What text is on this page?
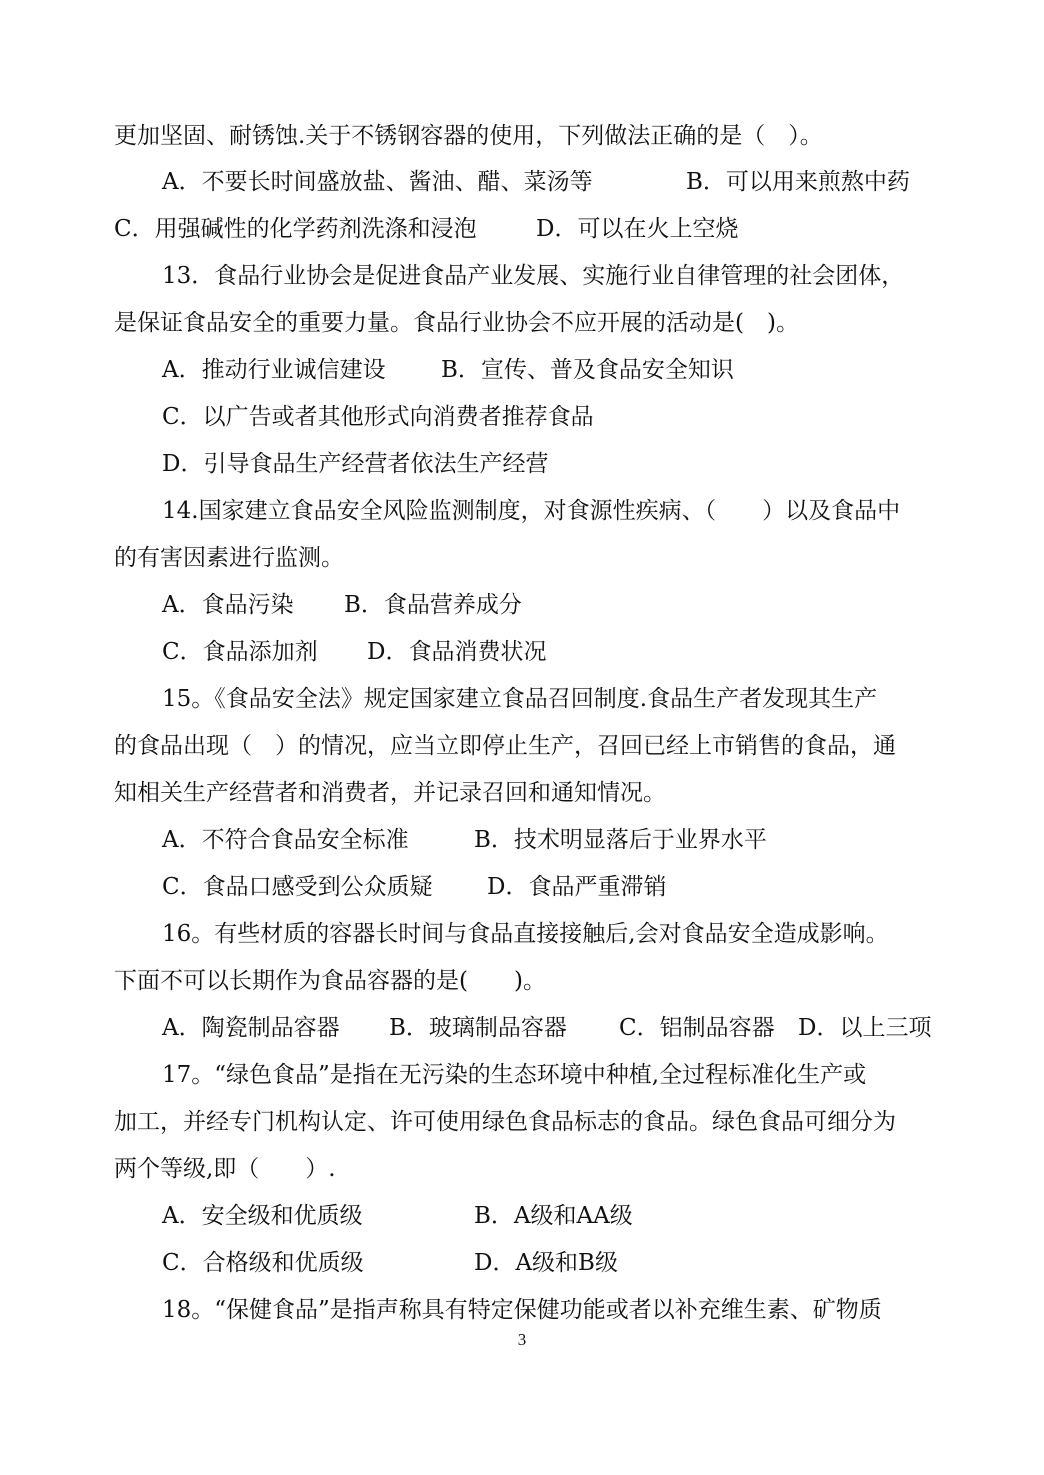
更加坚固、耐锈蚀.关于不锈钢容器的使用，下列做法正确的是（　）。
A．不要长时间盛放盐、酱油、醋、菜汤等	B．可以用来煎熬中药
C．用强碱性的化学药剂洗涤和浸泡	D．可以在火上空烧
13．食品行业协会是促进食品产业发展、实施行业自律管理的社会团体，
是保证食品安全的重要力量。食品行业协会不应开展的活动是(　)。
A．推动行业诚信建设 B．宣传、普及食品安全知识
C．以广告或者其他形式向消费者推荐食品
D．引导食品生产经营者依法生产经营
14.国家建立食品安全风险监测制度，对食源性疾病、（　　）以及食品中
的有害因素进行监测。
A．食品污染 B．食品营养成分
C．食品添加剂 D．食品消费状况
15。《食品安全法》规定国家建立食品召回制度.食品生产者发现其生产
的食品出现（　）的情况，应当立即停止生产，召回已经上市销售的食品，通
知相关生产经营者和消费者，并记录召回和通知情况。
A．不符合食品安全标准	B．技术明显落后于业界水平
C．食品口感受到公众质疑 D．食品严重滞销
16。有些材质的容器长时间与食品直接接触后,会对食品安全造成影响。
下面不可以长期作为食品容器的是(　　)。
A．陶瓷制品容器 B．玻璃制品容器 C．铝制品容器 D．以上三项
17。“绿色食品”是指在无污染的生态环境中种植,全过程标准化生产或
加工，并经专门机构认定、许可使用绿色食品标志的食品。绿色食品可细分为
两个等级,即（　　）.
A．安全级和优质级	B．A级和AA级
C．合格级和优质级	D．A级和B级
18。“保健食品”是指声称具有特定保健功能或者以补充维生素、矿物质
3
